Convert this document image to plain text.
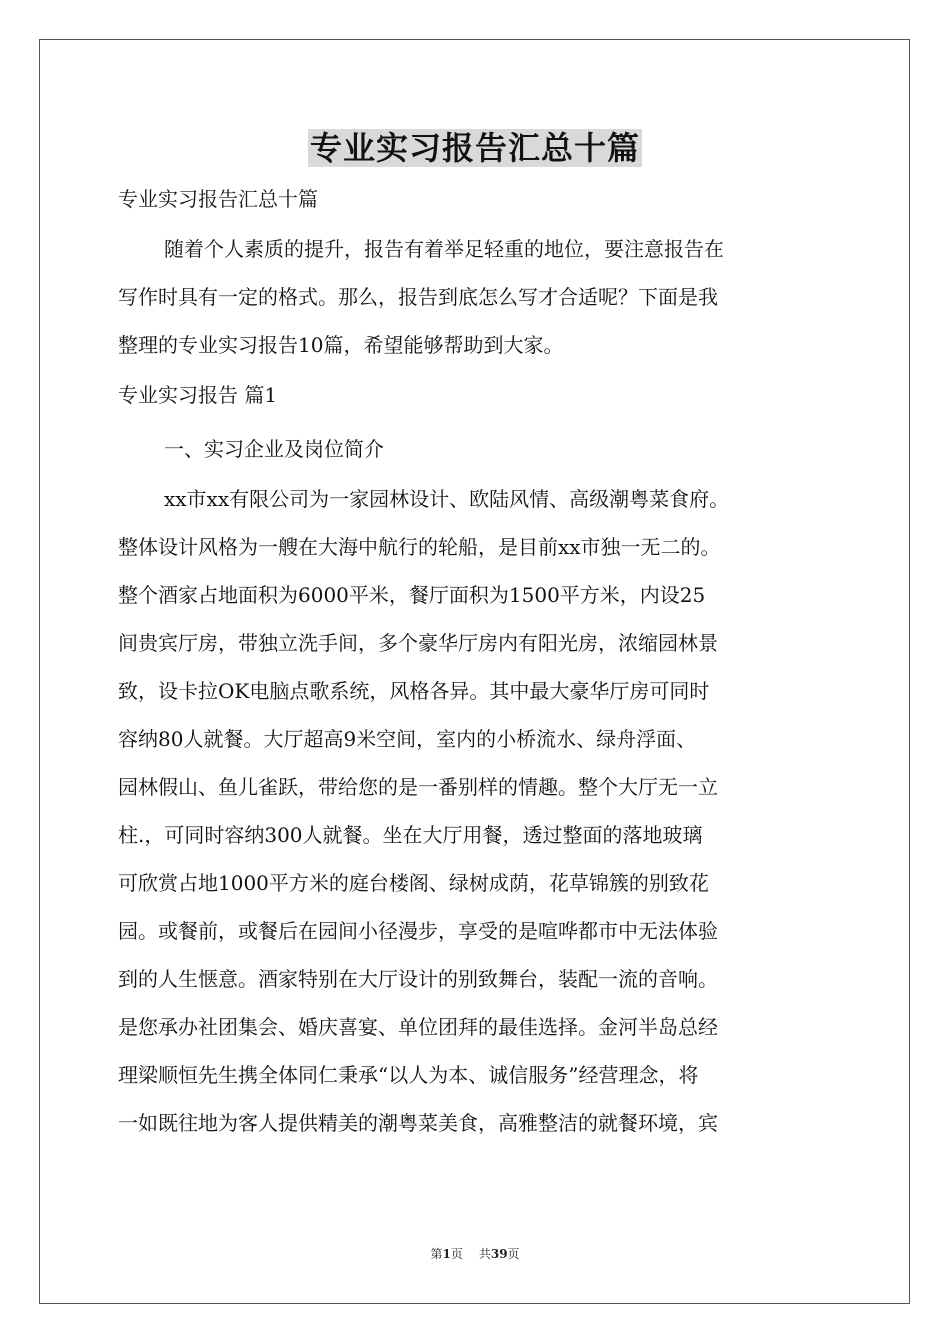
专业实习报告汇总十篇
专业实习报告汇总十篇
随着个人素质的提升，报告有着举足轻重的地位，要注意报告在
写作时具有一定的格式。那么，报告到底怎么写才合适呢？下面是我
整理的专业实习报告10篇，希望能够帮助到大家。
专业实习报告 篇1
一、实习企业及岗位简介
xx市xx有限公司为一家园林设计、欧陆风情、高级潮粤菜食府。
整体设计风格为一艘在大海中航行的轮船，是目前xx市独一无二的。
整个酒家占地面积为6000平米，餐厅面积为1500平方米，内设25
间贵宾厅房，带独立洗手间，多个豪华厅房内有阳光房，浓缩园林景
致，设卡拉OK电脑点歌系统，风格各异。其中最大豪华厅房可同时
容纳80人就餐。大厅超高9米空间，室内的小桥流水、绿舟浮面、
园林假山、鱼儿雀跃，带给您的是一番别样的情趣。整个大厅无一立
柱.，可同时容纳300人就餐。坐在大厅用餐，透过整面的落地玻璃
可欣赏占地1000平方米的庭台楼阁、绿树成荫，花草锦簇的别致花
园。或餐前，或餐后在园间小径漫步，享受的是喧哗都市中无法体验
到的人生惬意。酒家特别在大厅设计的别致舞台，装配一流的音响。
是您承办社团集会、婚庆喜宴、单位团拜的最佳选择。金河半岛总经
理梁顺恒先生携全体同仁秉承“以人为本、诚信服务”经营理念，将
一如既往地为客人提供精美的潮粤菜美食，高雅整洁的就餐环境，宾
第1页 共39页
